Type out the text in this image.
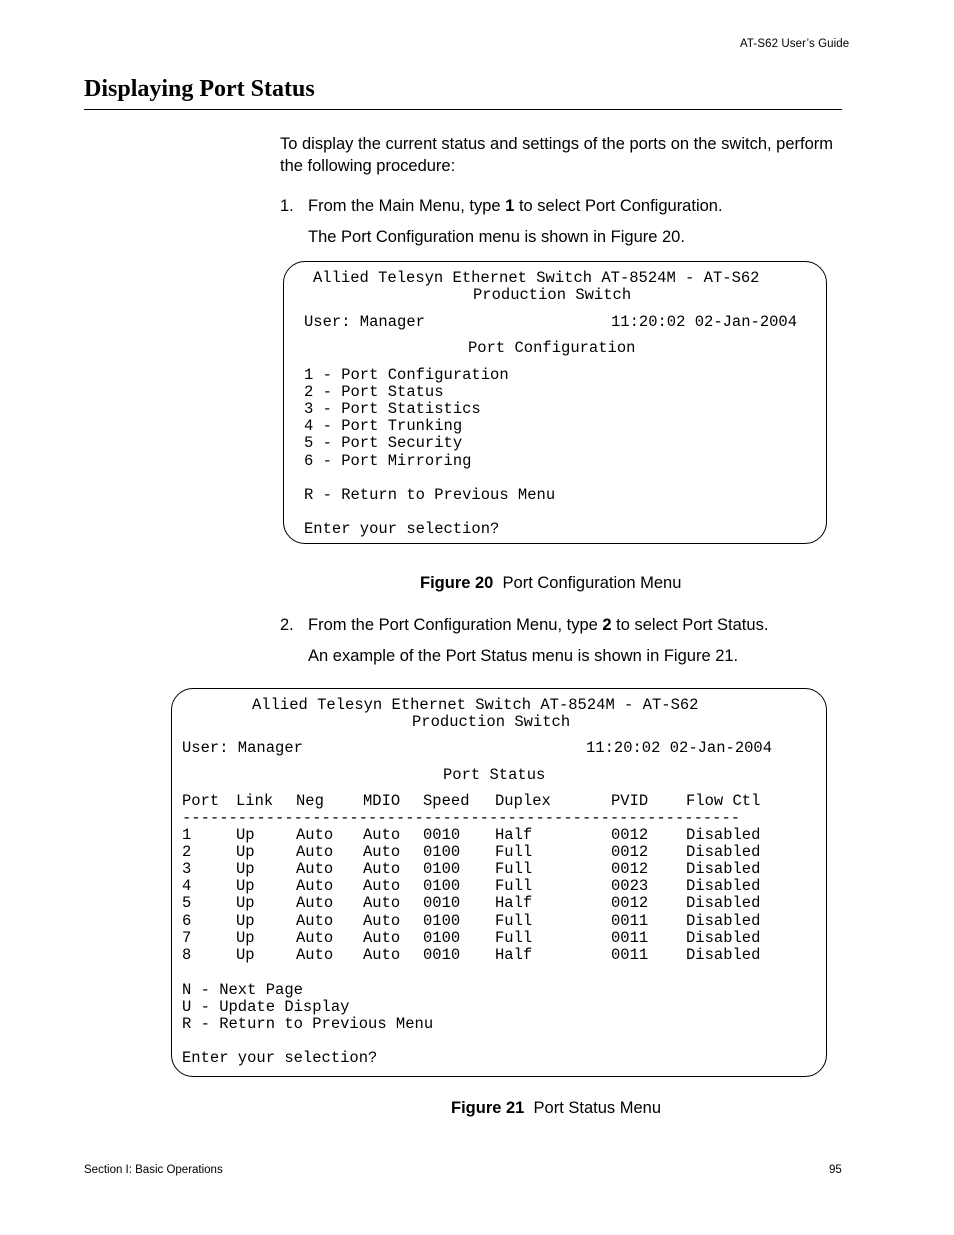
AT-S62 User’s Guide
Displaying Port Status
To display the current status and settings of the ports on the switch, perform the following procedure:
1. From the Main Menu, type 1 to select Port Configuration.
The Port Configuration menu is shown in Figure 20.
Allied Telesyn Ethernet Switch AT-8524M - AT-S62
Production Switch
User: Manager	11:20:02 02-Jan-2004
Port Configuration
1 - Port Configuration
2 - Port Status
3 - Port Statistics
4 - Port Trunking
5 - Port Security
6 - Port Mirroring
R - Return to Previous Menu
Enter your selection?
Figure 20 Port Configuration Menu
2. From the Port Configuration Menu, type 2 to select Port Status.
An example of the Port Status menu is shown in Figure 21.
Allied Telesyn Ethernet Switch AT-8524M - AT-S62
Production Switch
User: Manager	11:20:02 02-Jan-2004
Port Status
Port Link Neg	MDIO Speed Duplex	PVID Flow Ctl
------------------------------------------------------------
1	Up	Auto Auto 0010 Half	0012 Disabled
2	Up	Auto Auto 0100 Full	0012 Disabled
3	Up	Auto Auto 0100 Full	0012 Disabled
4	Up	Auto Auto 0100 Full	0023 Disabled
5	Up	Auto Auto 0010 Half	0012 Disabled
6	Up	Auto Auto 0100 Full	0011 Disabled
7	Up	Auto Auto 0100 Full	0011 Disabled
8	Up	Auto Auto 0010 Half	0011 Disabled
N - Next Page
U - Update Display
R - Return to Previous Menu
Enter your selection?
Figure 21 Port Status Menu
Section I: Basic Operations	95
